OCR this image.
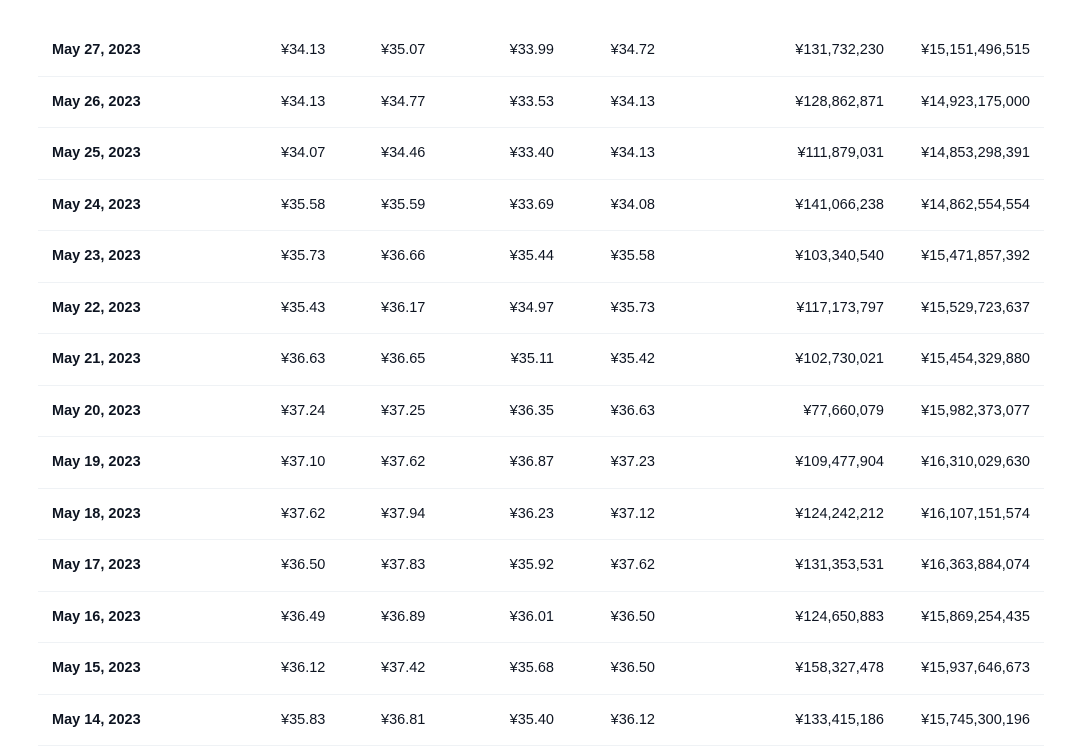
May 27, 2023	¥34.13	¥35.07	¥33.99	¥34.72	¥131,732,230	¥15,151,496,515
May 26, 2023	¥34.13	¥34.77	¥33.53	¥34.13	¥128,862,871	¥14,923,175,000
May 25, 2023	¥34.07	¥34.46	¥33.40	¥34.13	¥111,879,031	¥14,853,298,391
May 24, 2023	¥35.58	¥35.59	¥33.69	¥34.08	¥141,066,238	¥14,862,554,554
May 23, 2023	¥35.73	¥36.66	¥35.44	¥35.58	¥103,340,540	¥15,471,857,392
May 22, 2023	¥35.43	¥36.17	¥34.97	¥35.73	¥117,173,797	¥15,529,723,637
May 21, 2023	¥36.63	¥36.65	¥35.11	¥35.42	¥102,730,021	¥15,454,329,880
May 20, 2023	¥37.24	¥37.25	¥36.35	¥36.63	¥77,660,079	¥15,982,373,077
May 19, 2023	¥37.10	¥37.62	¥36.87	¥37.23	¥109,477,904	¥16,310,029,630
May 18, 2023	¥37.62	¥37.94	¥36.23	¥37.12	¥124,242,212	¥16,107,151,574
May 17, 2023	¥36.50	¥37.83	¥35.92	¥37.62	¥131,353,531	¥16,363,884,074
May 16, 2023	¥36.49	¥36.89	¥36.01	¥36.50	¥124,650,883	¥15,869,254,435
May 15, 2023	¥36.12	¥37.42	¥35.68	¥36.50	¥158,327,478	¥15,937,646,673
May 14, 2023	¥35.83	¥36.81	¥35.40	¥36.12	¥133,415,186	¥15,745,300,196
